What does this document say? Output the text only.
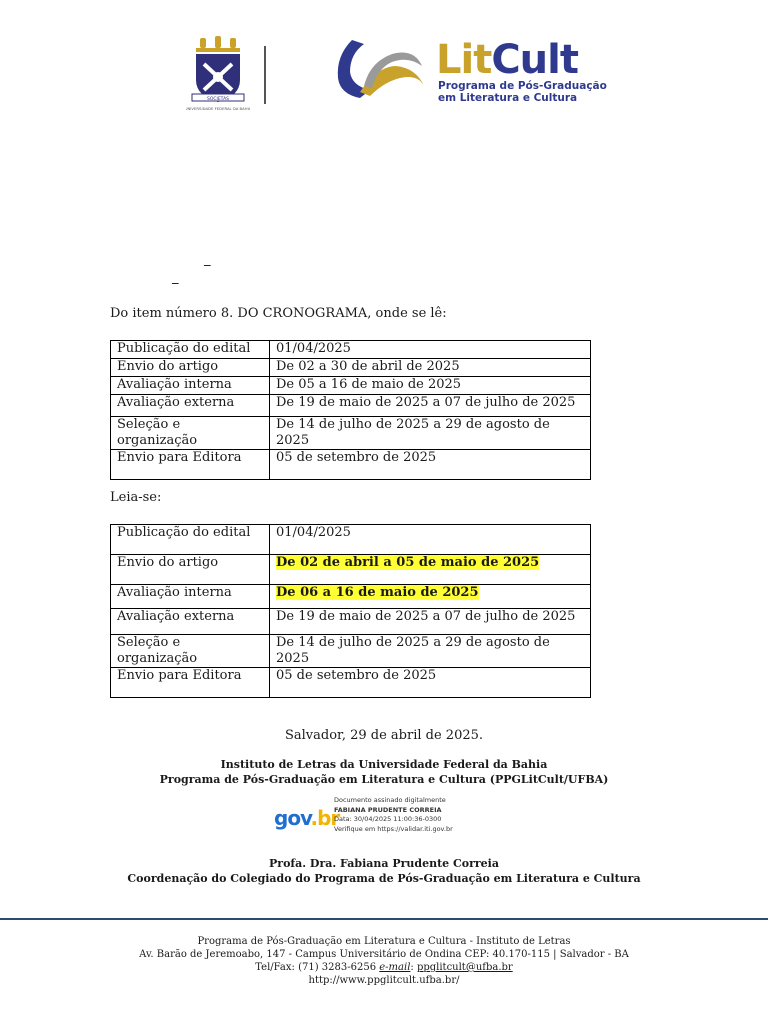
SOCIETAS
UNIVERSIDADE FEDERAL DA BAHIA
LitCult
Programa de Pós-Graduação
em Literatura e Cultura
_
_
Do item número 8. DO CRONOGRAMA, onde se lê:
Publicação do edital	01/04/2025
Envio do artigo	De 02 a 30 de abril de 2025
Avaliação interna	De 05 a 16 de maio de 2025
Avaliação externa	De 19 de maio de 2025 a 07 de julho de 2025
Seleção e organização	De 14 de julho de 2025 a 29 de agosto de 2025
Envio para Editora	05 de setembro de 2025
Leia-se:
Publicação do edital	01/04/2025
Envio do artigo	De 02 de abril a 05 de maio de 2025
Avaliação interna	De 06 a 16 de maio de 2025
Avaliação externa	De 19 de maio de 2025 a 07 de julho de 2025
Seleção e organização	De 14 de julho de 2025 a 29 de agosto de 2025
Envio para Editora	05 de setembro de 2025
Salvador, 29 de abril de 2025.
Instituto de Letras da Universidade Federal da Bahia
Programa de Pós-Graduação em Literatura e Cultura (PPGLitCult/UFBA)
gov.br
Documento assinado digitalmente
FABIANA PRUDENTE CORREIA
Data: 30/04/2025 11:00:36-0300
Verifique em https://validar.iti.gov.br
Profa. Dra. Fabiana Prudente Correia
Coordenação do Colegiado do Programa de Pós-Graduação em Literatura e Cultura
Programa de Pós-Graduação em Literatura e Cultura - Instituto de Letras
Av. Barão de Jeremoabo, 147 - Campus Universitário de Ondina CEP: 40.170-115 | Salvador - BA
Tel/Fax: (71) 3283-6256 e-mail: ppglitcult@ufba.br
http://www.ppglitcult.ufba.br/
